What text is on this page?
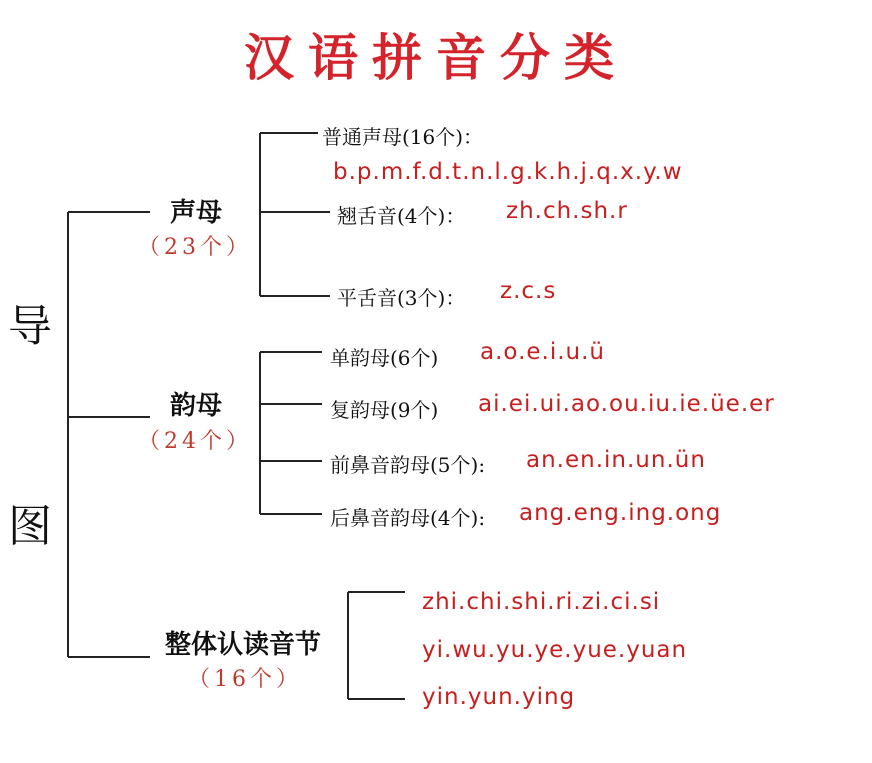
汉语拼音分类
导
图
声母
（23个）
普通声母(16个)：
b.p.m.f.d.t.n.l.g.k.h.j.q.x.y.w
翘舌音(4个)： zh.ch.sh.r
平舌音(3个)： z.c.s
韵母
（24个）
单韵母(6个) a.o.e.i.u.ü
复韵母(9个) ai.ei.ui.ao.ou.iu.ie.üe.er
前鼻音韵母(5个): an.en.in.un.ün
后鼻音韵母(4个): ang.eng.ing.ong
整体认读音节
（16个）
zhi.chi.shi.ri.zi.ci.si
yi.wu.yu.ye.yue.yuan
yin.yun.ying
